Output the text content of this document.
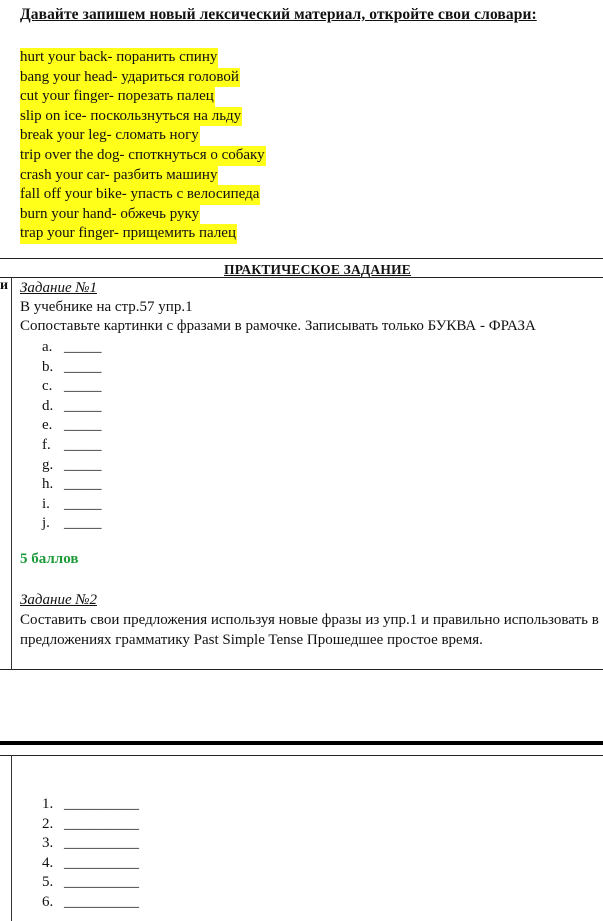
Давайте запишем новый лексический материал, откройте свои словари:
hurt your back- поранить спину
bang your head- удариться головой
cut your finger- порезать палец
slip on ice- поскользнуться на льду
break your leg- сломать ногу
trip over the dog- споткнуться о собаку
crash your car- разбить машину
fall off your bike- упасть с велосипеда
burn your hand- обжечь руку
trap your finger- прищемить палец
ПРАКТИЧЕСКОЕ ЗАДАНИЕ
и Задание №1
В учебнике на стр.57 упр.1
Сопоставьте картинки с фразами в рамочке. Записывать только БУКВА - ФРАЗА
a. _____
b. _____
c. _____
d. _____
e. _____
f. _____
g. _____
h. _____
i. _____
j. _____
5 баллов
Задание №2
Составить свои предложения используя новые фразы из упр.1 и правильно использовать в предложениях грамматику Past Simple Tense Прошедшее простое время.
1. __________
2. __________
3. __________
4. __________
5. __________
6. __________
